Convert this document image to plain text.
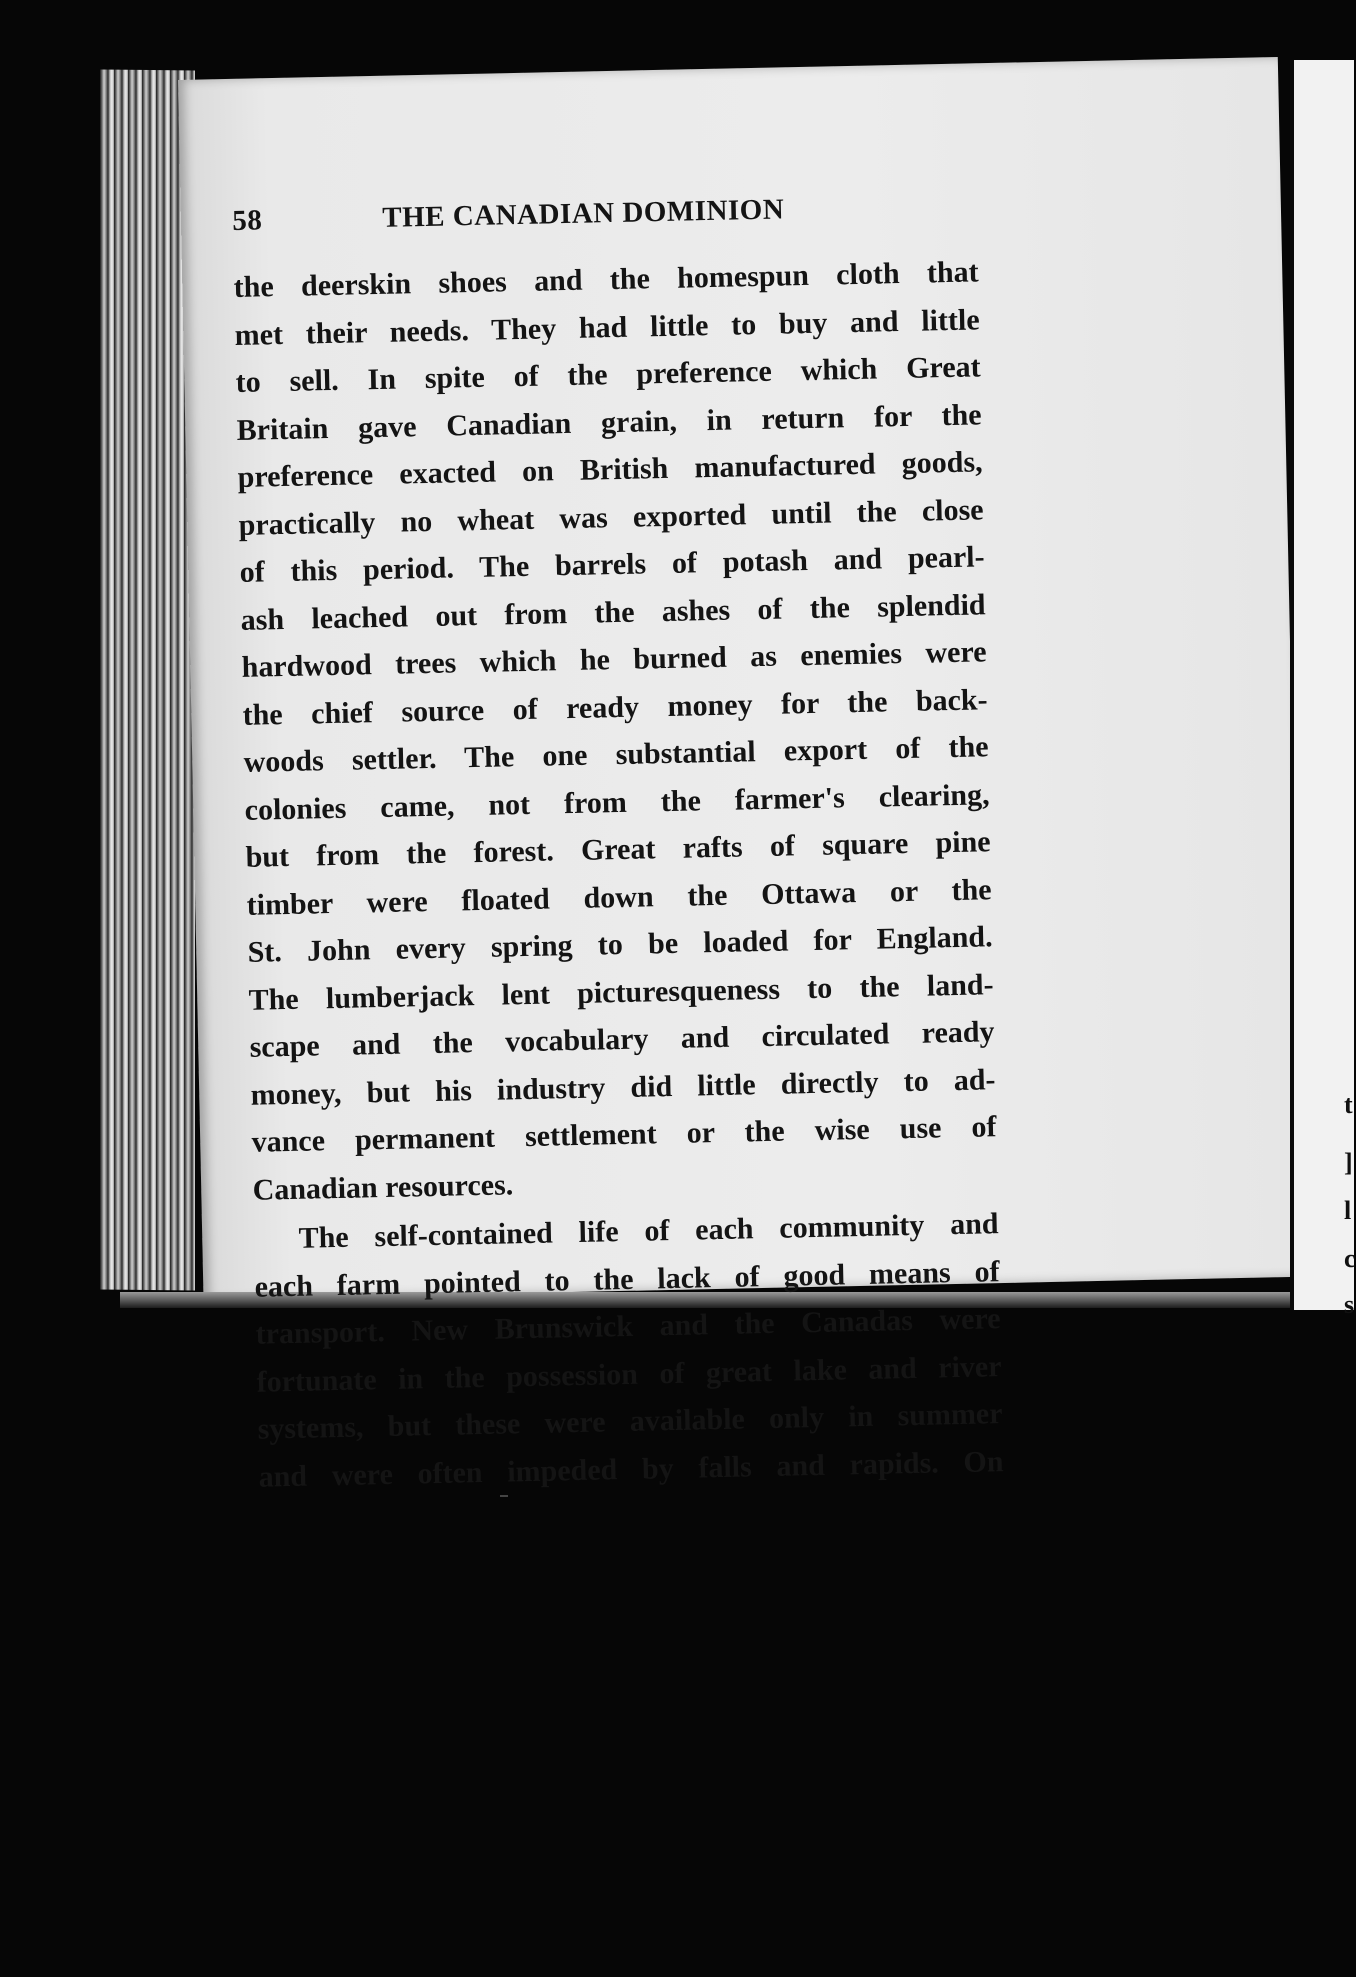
t
]
l
c
s
58	THE CANADIAN DOMINION
the deerskin shoes and the homespun cloth that
met their needs. They had little to buy and little
to sell. In spite of the preference which Great
Britain gave Canadian grain, in return for the
preference exacted on British manufactured goods,
practically no wheat was exported until the close
of this period. The barrels of potash and pearl-
ash leached out from the ashes of the splendid
hardwood trees which he burned as enemies were
the chief source of ready money for the back-
woods settler. The one substantial export of the
colonies came, not from the farmer's clearing,
but from the forest. Great rafts of square pine
timber were floated down the Ottawa or the
St. John every spring to be loaded for England.
The lumberjack lent picturesqueness to the land-
scape and the vocabulary and circulated ready
money, but his industry did little directly to ad-
vance permanent settlement or the wise use of
Canadian resources.
The self-contained life of each community and
each farm pointed to the lack of good means of
transport. New Brunswick and the Canadas were
fortunate in the possession of great lake and river
systems, but these were available only in summer
and were often impeded by falls and rapids. On
